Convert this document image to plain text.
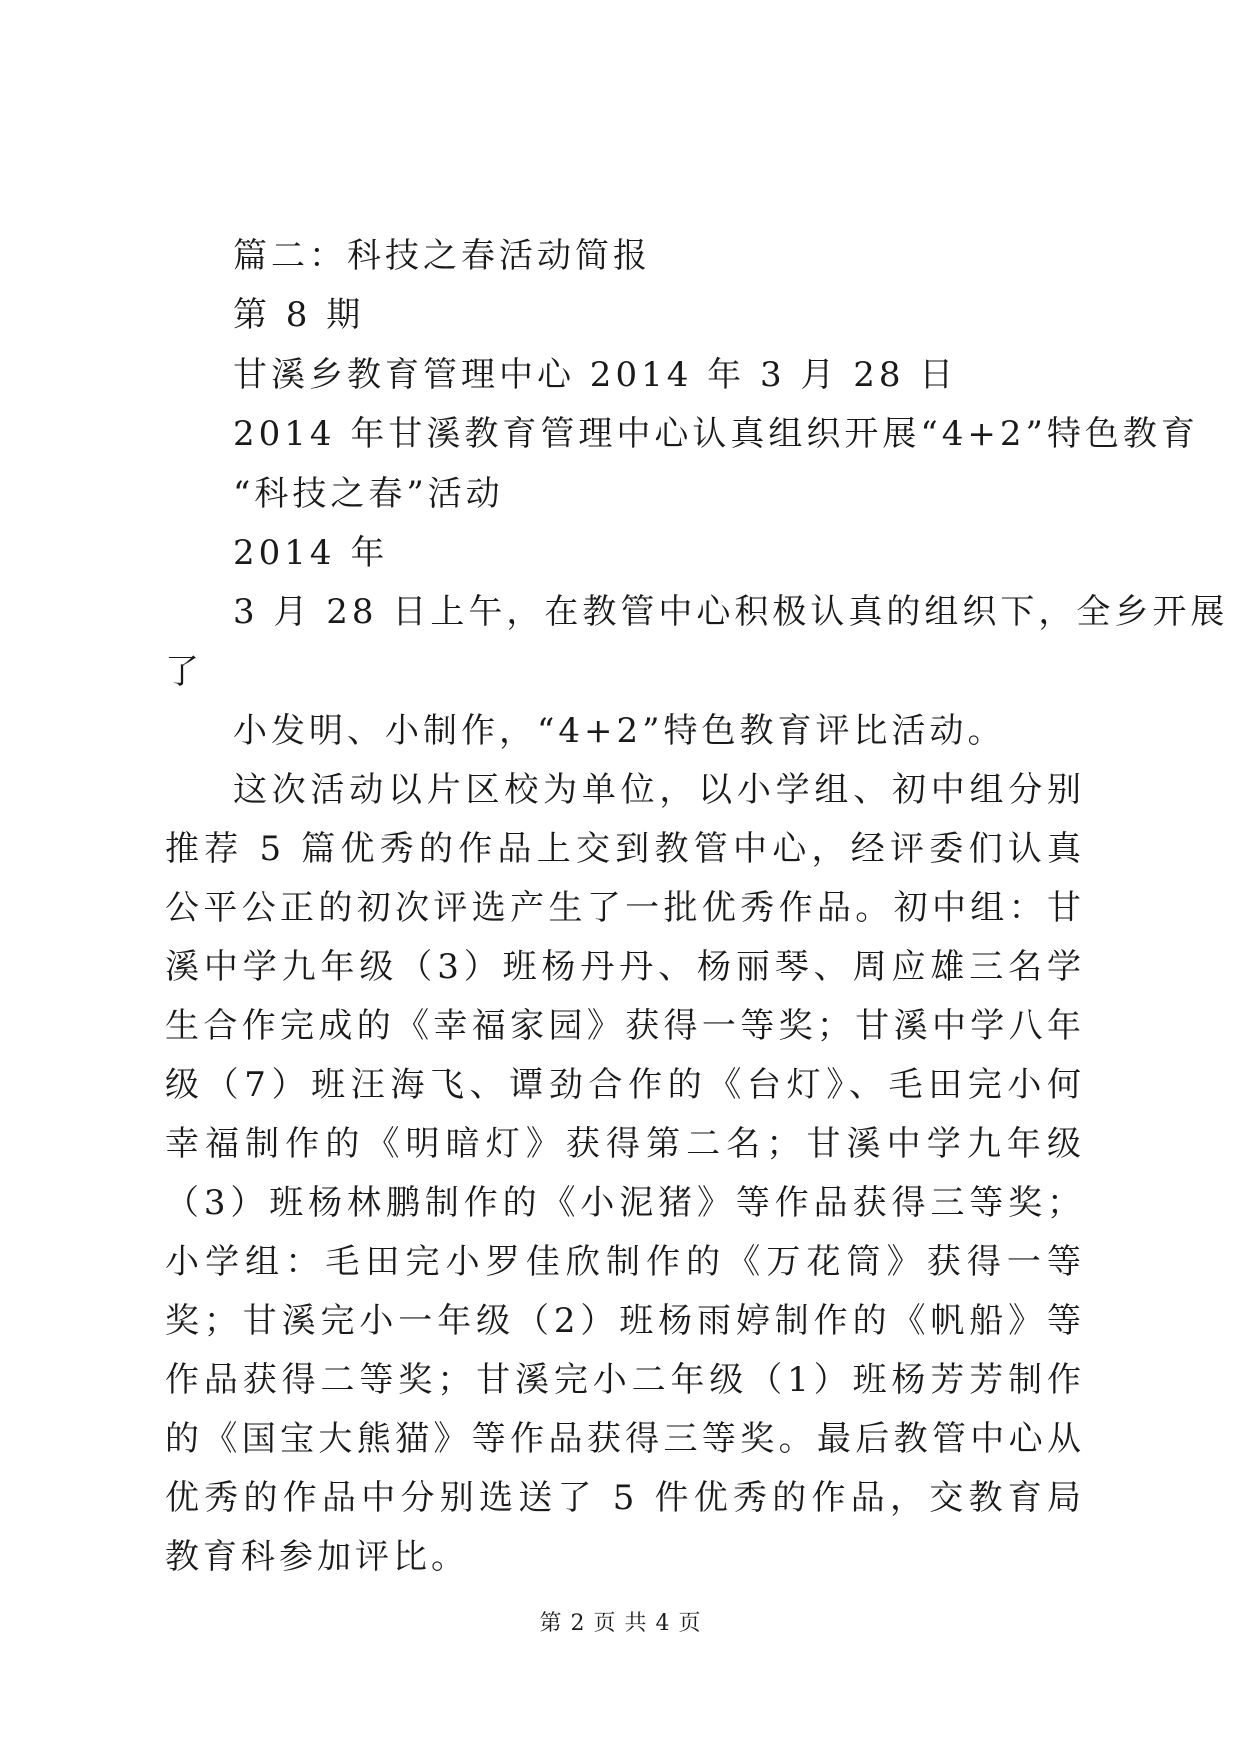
篇二：科技之春活动简报
第 8 期
甘溪乡教育管理中心 2014 年 3 月 28 日
2014 年甘溪教育管理中心认真组织开展“4+2”特色教育
“科技之春”活动
2014 年
3 月 28 日上午，在教管中心积极认真的组织下，全乡开展
了
小发明、小制作，“4+2”特色教育评比活动。
这次活动以片区校为单位，以小学组、初中组分别推荐 5 篇优秀的作品上交到教管中心，经评委们认真公平公正的初次评选产生了一批优秀作品。初中组：甘溪中学九年级（3）班杨丹丹、杨丽琴、周应雄三名学生合作完成的《幸福家园》获得一等奖；甘溪中学八年级（7）班汪海飞、谭劲合作的《台灯》、毛田完小何幸福制作的《明暗灯》获得第二名；甘溪中学九年级（3）班杨林鹏制作的《小泥猪》等作品获得三等奖；小学组：毛田完小罗佳欣制作的《万花筒》获得一等奖；甘溪完小一年级（2）班杨雨婷制作的《帆船》等作品获得二等奖；甘溪完小二年级（1）班杨芳芳制作的《国宝大熊猫》等作品获得三等奖。最后教管中心从优秀的作品中分别选送了 5 件优秀的作品，交教育局教育科参加评比。
第 2 页 共 4 页
